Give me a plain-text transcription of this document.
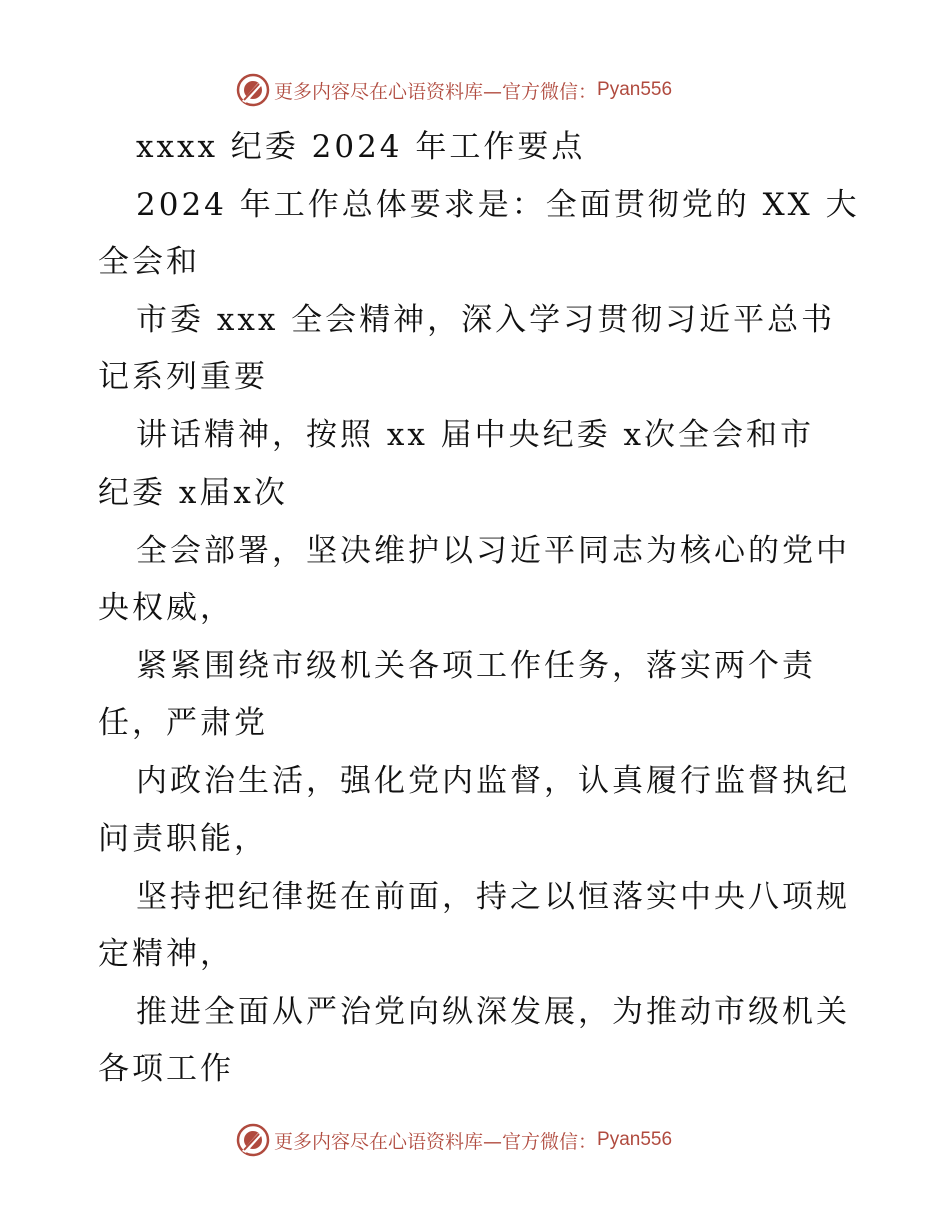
更多内容尽在心语资料库—官方微信： Pyan556
xxxx 纪委 2024 年工作要点
2024 年工作总体要求是：全面贯彻党的 XX 大
全会和
市委 xxx 全会精神，深入学习贯彻习近平总书
记系列重要
讲话精神，按照 xx 届中央纪委 x次全会和市
纪委 x届x次
全会部署，坚决维护以习近平同志为核心的党中
央权威，
紧紧围绕市级机关各项工作任务，落实两个责
任，严肃党
内政治生活，强化党内监督，认真履行监督执纪
问责职能，
坚持把纪律挺在前面，持之以恒落实中央八项规
定精神，
推进全面从严治党向纵深发展，为推动市级机关
各项工作
更多内容尽在心语资料库—官方微信： Pyan556
